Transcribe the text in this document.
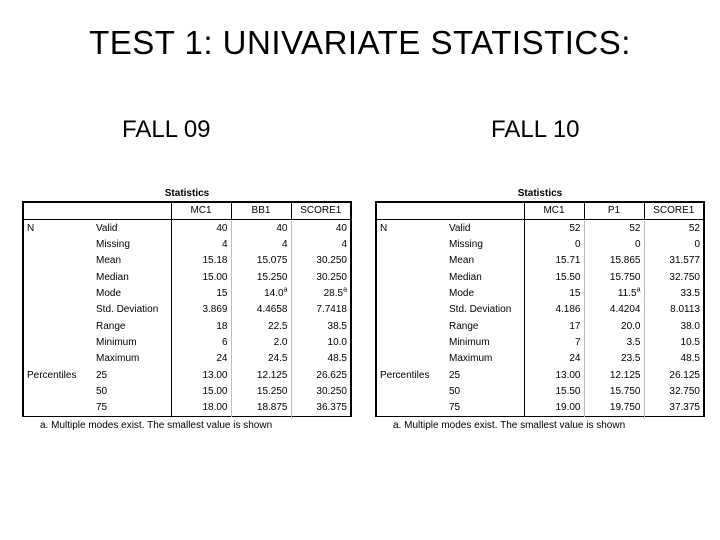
TEST 1: UNIVARIATE STATISTICS:
FALL 09	FALL 10
Statistics
		MC1	BB1	SCORE1
N	Valid	40	40	40
	Missing	4	4	4
	Mean	15.18	15.075	30.250
	Median	15.00	15.250	30.250
	Mode	15	14.0$^a$	28.5$^a$
	Std. Deviation	3.869	4.4658	7.7418
	Range	18	22.5	38.5
	Minimum	6	2.0	10.0
	Maximum	24	24.5	48.5
Percentiles	25	13.00	12.125	26.625
	50	15.00	15.250	30.250
	75	18.00	18.875	36.375
a. Multiple modes exist. The smallest value is shown
Statistics
		MC1	P1	SCORE1
N	Valid	52	52	52
	Missing	0	0	0
	Mean	15.71	15.865	31.577
	Median	15.50	15.750	32.750
	Mode	15	11.5$^a$	33.5
	Std. Deviation	4.186	4.4204	8.0113
	Range	17	20.0	38.0
	Minimum	7	3.5	10.5
	Maximum	24	23.5	48.5
Percentiles	25	13.00	12.125	26.125
	50	15.50	15.750	32.750
	75	19.00	19.750	37.375
a. Multiple modes exist. The smallest value is shown
